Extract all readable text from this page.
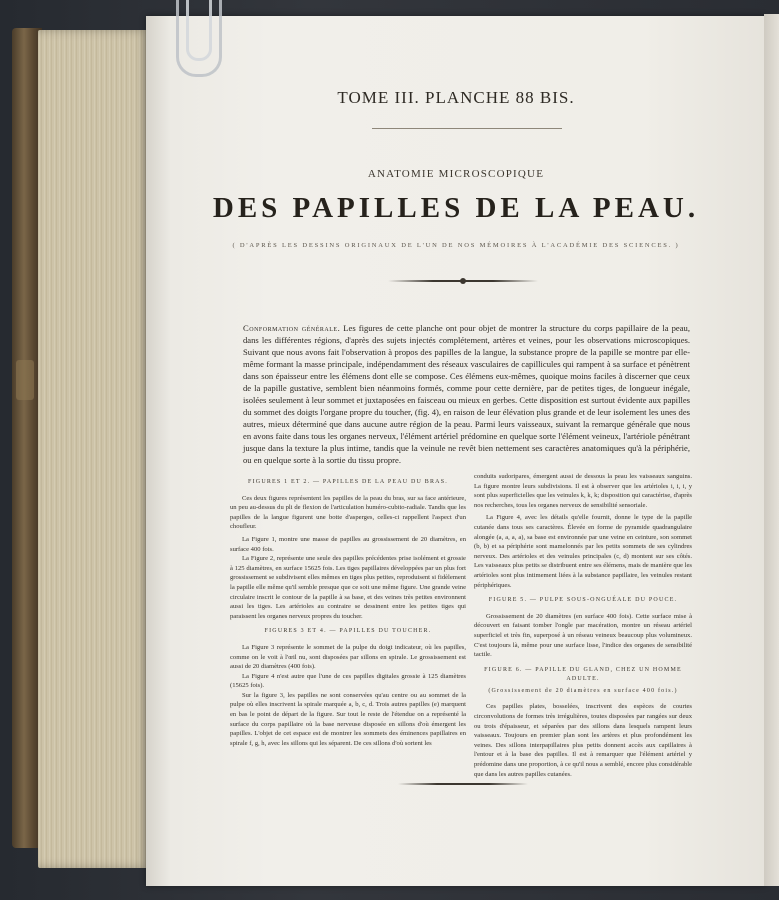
TOME III. PLANCHE 88 BIS.
ANATOMIE MICROSCOPIQUE
DES PAPILLES DE LA PEAU.
( D'APRÈS LES DESSINS ORIGINAUX DE L'UN DE NOS MÉMOIRES À L'ACADÉMIE DES SCIENCES. )
Conformation générale. Les figures de cette planche ont pour objet de montrer la structure du corps papillaire de la peau, dans les différentes régions, d'après des sujets injectés complétement, artères et veines, pour les observations microscopiques. Suivant que nous avons fait l'observation à propos des papilles de la langue, la substance propre de la papille se montre par elle-même formant la masse principale, indépendamment des réseaux vasculaires de capillicules qui rampent à sa surface et pénètrent dans son épaisseur entre les élémens dont elle se compose. Ces élémens eux-mêmes, quoique moins faciles à discerner que ceux de la papille gustative, semblent bien néanmoins formés, comme pour cette dernière, par de petites tiges, de longueur inégale, isolées seulement à leur sommet et juxtaposées en faisceau ou mieux en gerbes. Cette disposition est surtout évidente aux papilles du sommet des doigts l'organe propre du toucher, (fig. 4), en raison de leur élévation plus grande et de leur isolement les unes des autres, mieux déterminé que dans aucune autre région de la peau. Parmi leurs vaisseaux, suivant la remarque générale que nous en avons faite dans tous les organes nerveux, l'élément artériel prédomine en quelque sorte l'élément veineux, l'artériole pénétrant jusque dans la texture la plus intime, tandis que la veinule ne revêt bien nettement ses caractères anatomiques qu'à la périphérie, ou en quelque sorte à la sortie du tissu propre.

FIGURES 1 ET 2. — PAPILLES DE LA PEAU DU BRAS.

Ces deux figures représentent les papilles de la peau du bras, sur sa face antérieure, un peu au-dessus du pli de flexion de l'articulation huméro-cubito-radiale. Tandis que les papilles de la langue figurent une botte d'asperges, celles-ci rappellent l'aspect d'un choufleur.

La Figure 1, montre une masse de papilles au grossissement de 20 diamètres, en surface 400 fois.

La Figure 2, représente une seule des papilles précédentes prise isolément et grossie à 125 diamètres, en surface 15625 fois. Les tiges papillaires développées par un plus fort grossissement se subdivisent elles mêmes en tiges plus petites, reproduisent si fidèlement la papille elle même qu'il semble presque que ce soit une même figure. Une grande veine circulaire inscrit le contour de la papille à sa base, et des veines très petites environnent aussi les tiges. Les artérioles au contraire se dessinent entre les petites tiges qui paraissent les organes nerveux propres du toucher.

FIGURES 3 ET 4. — PAPILLES DU TOUCHER.

La Figure 3 représente le sommet de la pulpe du doigt indicateur, où les papilles, comme on le voit à l'œil nu, sont disposées par sillons en spirale. Le grossissement est aussi de 20 diamètres (400 fois).

La Figure 4 n'est autre que l'une de ces papilles digitales grossie à 125 diamètres (15625 fois).

Sur la figure 3, les papilles ne sont conservées qu'au centre ou au sommet de la pulpe où elles inscrivent la spirale marquée a, b, c, d. Trois autres papilles (e) marquent en bas le point de départ de la figure. Sur tout le reste de l'étendue on a représenté la surface du corps papillaire où la base nerveuse disposée en sillons d'où émergent les papilles. L'objet de cet espace est de montrer les sommets des éminences papillaires en spirale f, g, h, avec les sillons qui les séparent. De ces sillons d'où sortent les

conduits sudoripares, émergent aussi de dessous la peau les vaisseaux sanguins. La figure montre leurs subdivisions. Il est à observer que les artérioles i, i, i, y sont plus superficielles que les veinules k, k, k; disposition qui caractérise, d'après nos recherches, tous les organes nerveux de sensibilité sensoriale.

La Figure 4, avec les détails qu'elle fournit, donne le type de la papille cutanée dans tous ses caractères. Élevée en forme de pyramide quadrangulaire alongée (a, a, a, a), sa base est environnée par une veine en ceinture, son sommet (b, b) et sa périphérie sont mamelonnés par les petits sommets de ses cylindres nerveux. Des artérioles et des veinules principales (c, d) montent sur ses côtés. Les vaisseaux plus petits se distribuent entre ses élémens, mais de manière que les artérioles sont plus intimement liées à la substance papillaire, les veinules restant périphériques.

FIGURE 5. — PULPE SOUS-ONGUÉALE DU POUCE.

Grossissement de 20 diamètres (en surface 400 fois). Cette surface mise à découvert en faisant tomber l'ongle par macération, montre un réseau artériel superficiel et très fin, superposé à un réseau veineux beaucoup plus volumineux. C'est toujours là, même pour une surface lisse, l'indice des organes de sensibilité tactile.

FIGURE 6. — PAPILLE DU GLAND, CHEZ UN HOMME ADULTE.

(Grossissement de 20 diamètres en surface 400 fois.)

Ces papilles plates, bosselées, inscrivent des espèces de courtes circonvolutions de formes très irrégulières, toutes disposées par rangées sur deux ou trois d'épaisseur, et séparées par des sillons dans lesquels rampent leurs vaisseaux. Toujours en premier plan sont les artères et plus profondément les veines. Des sillons interpapillaires plus petits donnent accès aux capillaires à l'entour et à la base des papilles. Il est à remarquer que l'élément artériel y prédomine dans une proportion, à ce qu'il nous a semblé, encore plus considérable que dans les autres papilles cutanées.
